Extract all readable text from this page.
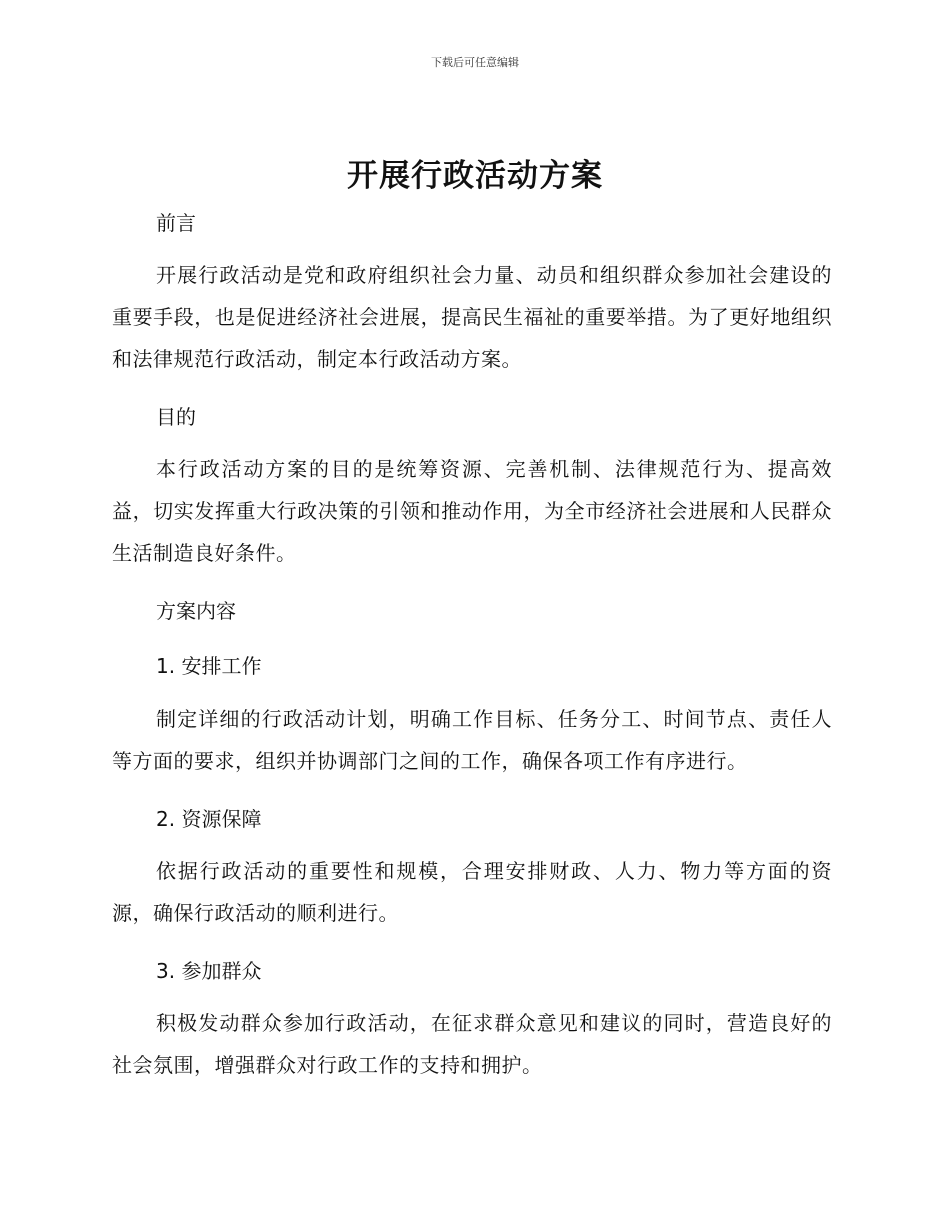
下载后可任意编辑
开展行政活动方案
前言
开展行政活动是党和政府组织社会力量、动员和组织群众参加社会建设的重要手段，也是促进经济社会进展，提高民生福祉的重要举措。为了更好地组织和法律规范行政活动，制定本行政活动方案。
目的
本行政活动方案的目的是统筹资源、完善机制、法律规范行为、提高效益，切实发挥重大行政决策的引领和推动作用，为全市经济社会进展和人民群众生活制造良好条件。
方案内容
1. 安排工作
制定详细的行政活动计划，明确工作目标、任务分工、时间节点、责任人等方面的要求，组织并协调部门之间的工作，确保各项工作有序进行。
2. 资源保障
依据行政活动的重要性和规模，合理安排财政、人力、物力等方面的资源，确保行政活动的顺利进行。
3. 参加群众
积极发动群众参加行政活动，在征求群众意见和建议的同时，营造良好的社会氛围，增强群众对行政工作的支持和拥护。
